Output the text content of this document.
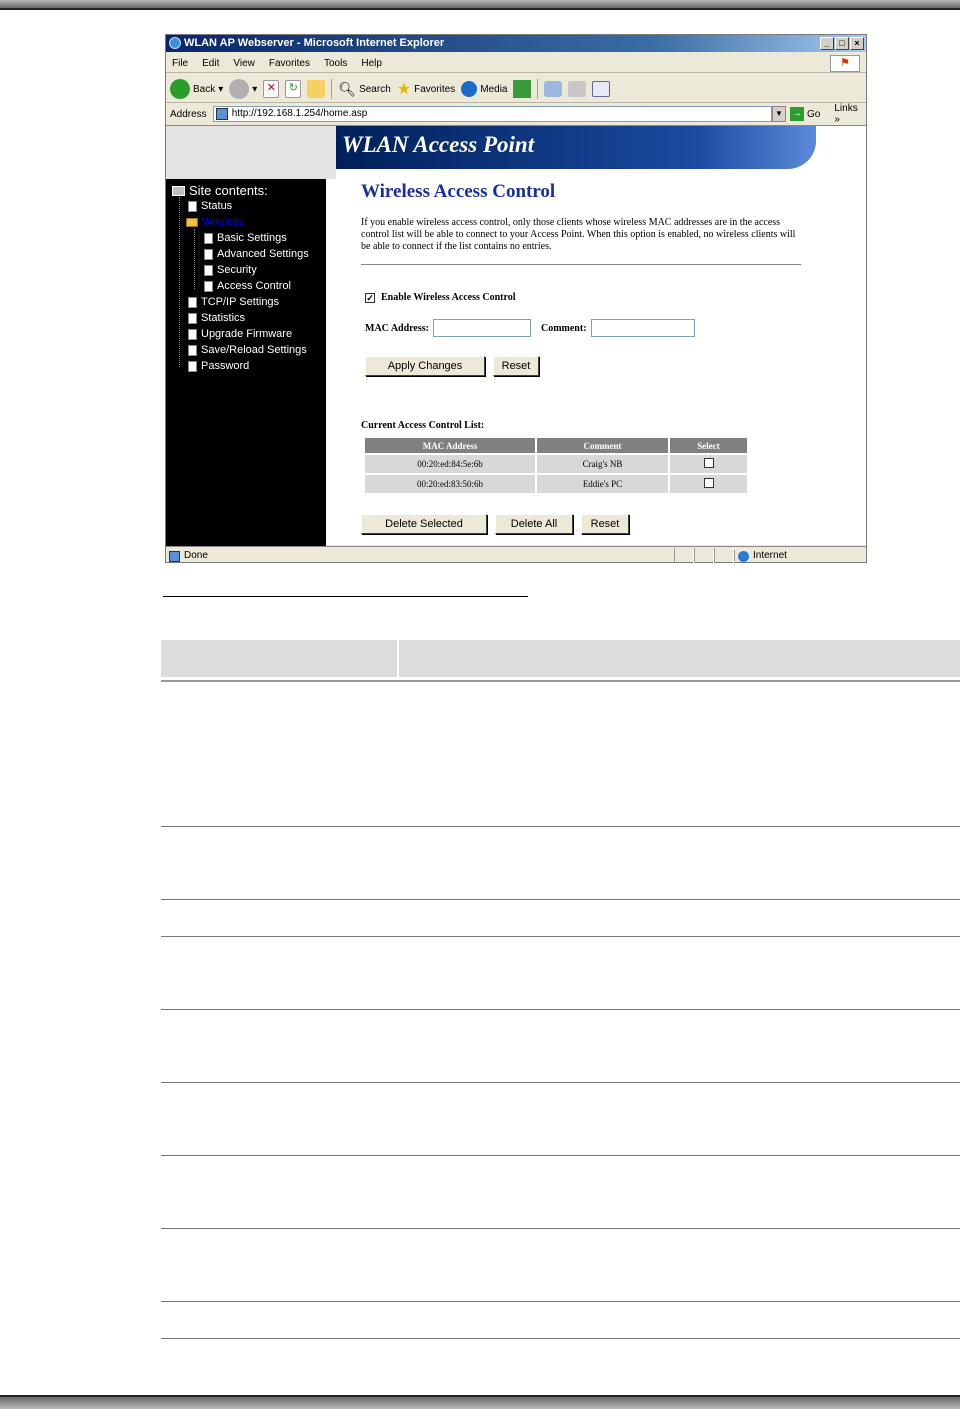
WLAN AP Webserver - Microsoft Internet Explorer	_	□	×
File Edit View Favorites Tools Help	⚑
Back ▾	▾ ✕	↻	🔍︎ Search ★ Favorites	Media
Address	http://192.168.1.254/home.asp	▼ → Go Links »
WLAN Access Point
Site contents:
Status
Wireless
Basic Settings
Advanced Settings
Security
Access Control
TCP/IP Settings
Statistics
Upgrade Firmware
Save/Reload Settings
Password
Wireless Access Control
If you enable wireless access control, only those clients whose wireless MAC addresses are in the access control list will be able to connect to your Access Point. When this option is enabled, no wireless clients will be able to connect if the list contains no entries.
✓ Enable Wireless Access Control
MAC Address:	Comment:
Apply Changes	Reset
Current Access Control List:
MAC Address	Comment	Select
00:20:ed:84:5e:6b	Craig's NB	
00:20:ed:83:50:6b	Eddie's PC	
Delete Selected	Delete All	Reset
Done	Internet
